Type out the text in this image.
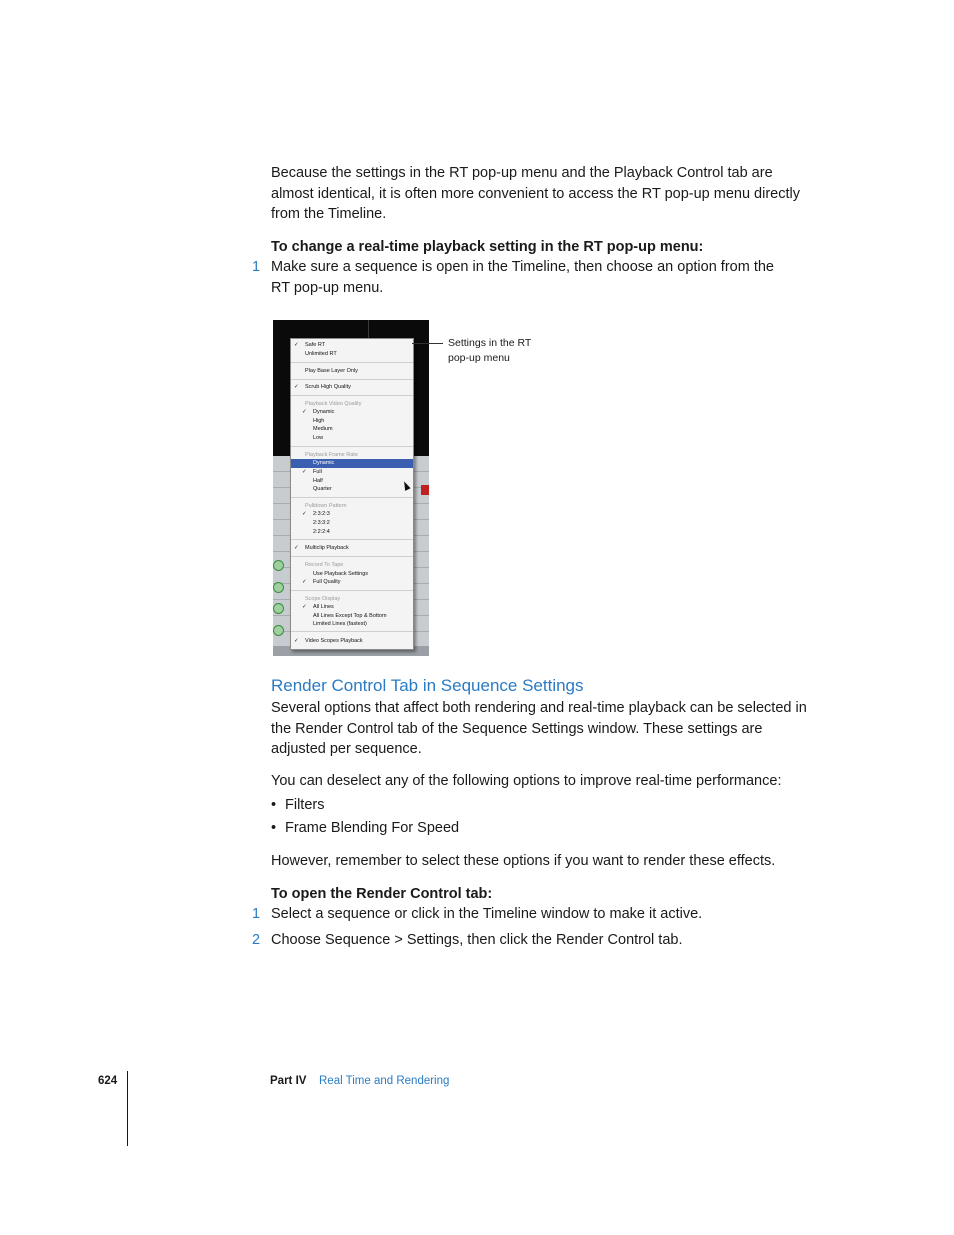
Because the settings in the RT pop-up menu and the Playback Control tab are almost identical, it is often more convenient to access the RT pop-up menu directly from the Timeline.

To change a real-time playback setting in the RT pop-up menu:
1 Make sure a sequence is open in the Timeline, then choose an option from the RT pop-up menu.
✓ Safe RT
Unlimited RT
Play Base Layer Only
✓ Scrub High Quality
Playback Video Quality
✓ Dynamic
High
Medium
Low
Playback Frame Rate
Dynamic
✓ Full
Half
Quarter
Pulldown Pattern
✓ 2:3:2:3
2:3:3:2
2:2:2:4
✓ Multiclip Playback
Record To Tape
Use Playback Settings
✓ Full Quality
Scope Display
✓ All Lines
All Lines Except Top & Bottom
Limited Lines (fastest)
✓ Video Scopes Playback
Settings in the RT pop-up menu
Render Control Tab in Sequence Settings

Several options that affect both rendering and real-time playback can be selected in the Render Control tab of the Sequence Settings window. These settings are adjusted per sequence.

You can deselect any of the following options to improve real-time performance:

• Filters
• Frame Blending For Speed

However, remember to select these options if you want to render these effects.

To open the Render Control tab:
1 Select a sequence or click in the Timeline window to make it active.
2 Choose Sequence > Settings, then click the Render Control tab.
624	Part IV Real Time and Rendering
